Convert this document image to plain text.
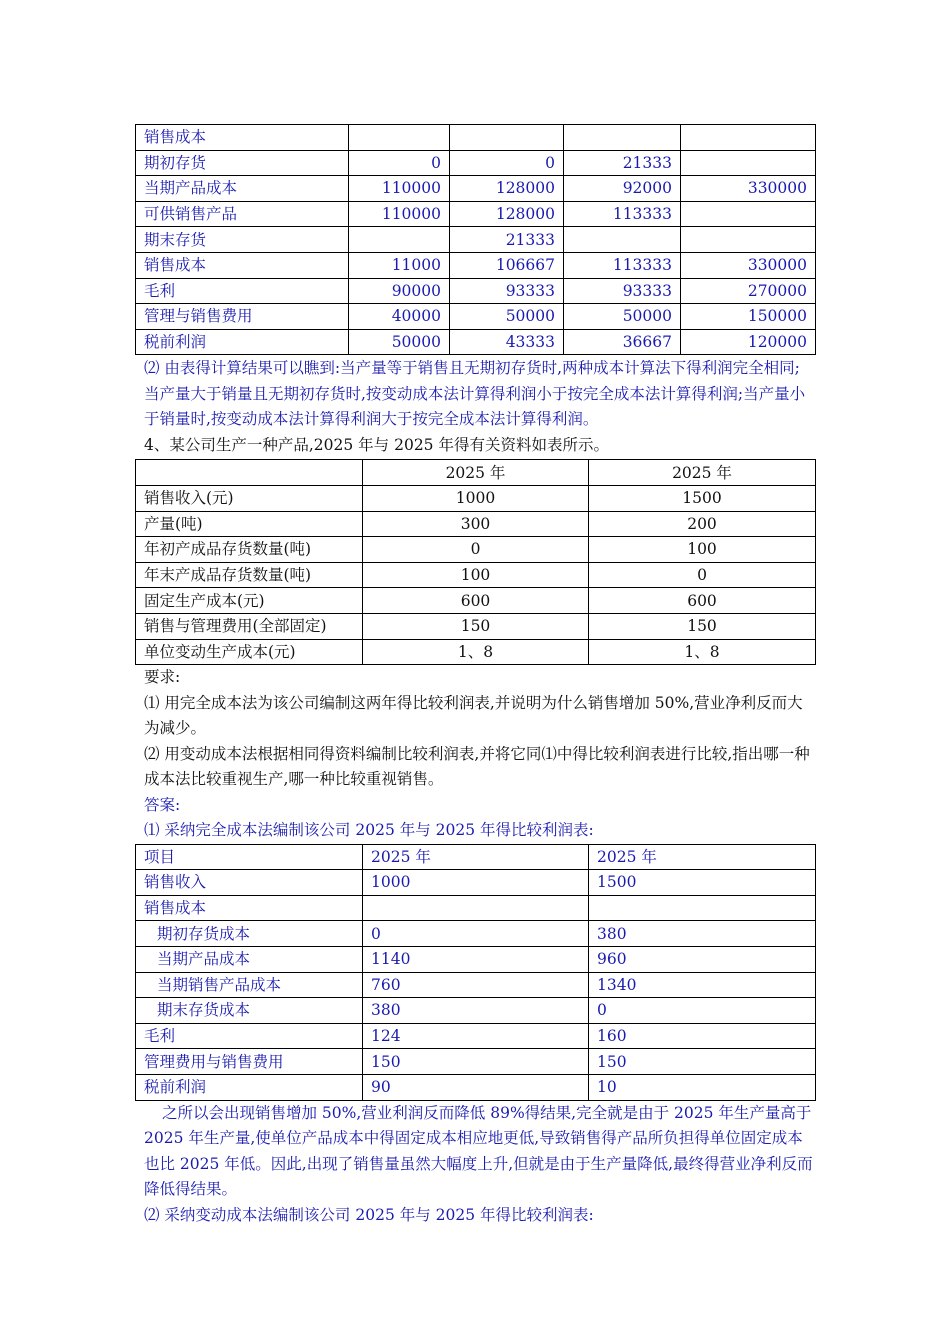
销售成本				
期初存货	0	0	21333	
当期产品成本	110000	128000	92000	330000
可供销售产品	110000	128000	113333	
期末存货		21333		
销售成本	11000	106667	113333	330000
毛利	90000	93333	93333	270000
管理与销售费用	40000	50000	50000	150000
税前利润	50000	43333	36667	120000
⑵ 由表得计算结果可以瞧到:当产量等于销售且无期初存货时,两种成本计算法下得利润完全相同;当产量大于销量且无期初存货时,按变动成本法计算得利润小于按完全成本法计算得利润;当产量小于销量时,按变动成本法计算得利润大于按完全成本法计算得利润。
4、某公司生产一种产品,2025 年与 2025 年得有关资料如表所示。
	2025 年	2025 年
销售收入(元)	1000	1500
产量(吨)	300	200
年初产成品存货数量(吨)	0	100
年末产成品存货数量(吨)	100	0
固定生产成本(元)	600	600
销售与管理费用(全部固定)	150	150
单位变动生产成本(元)	1、8	1、8
要求:
⑴ 用完全成本法为该公司编制这两年得比较利润表,并说明为什么销售增加 50%,营业净利反而大为减少。
⑵ 用变动成本法根据相同得资料编制比较利润表,并将它同⑴中得比较利润表进行比较,指出哪一种成本法比较重视生产,哪一种比较重视销售。
答案:
⑴ 采纳完全成本法编制该公司 2025 年与 2025 年得比较利润表:
项目	2025 年	2025 年
销售收入	1000	1500
销售成本		
期初存货成本	0	380
当期产品成本	1140	960
当期销售产品成本	760	1340
期末存货成本	380	0
毛利	124	160
管理费用与销售费用	150	150
税前利润	90	10
之所以会出现销售增加 50%,营业利润反而降低 89%得结果,完全就是由于 2025 年生产量高于 2025 年生产量,使单位产品成本中得固定成本相应地更低,导致销售得产品所负担得单位固定成本也比 2025 年低。因此,出现了销售量虽然大幅度上升,但就是由于生产量降低,最终得营业净利反而降低得结果。
⑵ 采纳变动成本法编制该公司 2025 年与 2025 年得比较利润表:
